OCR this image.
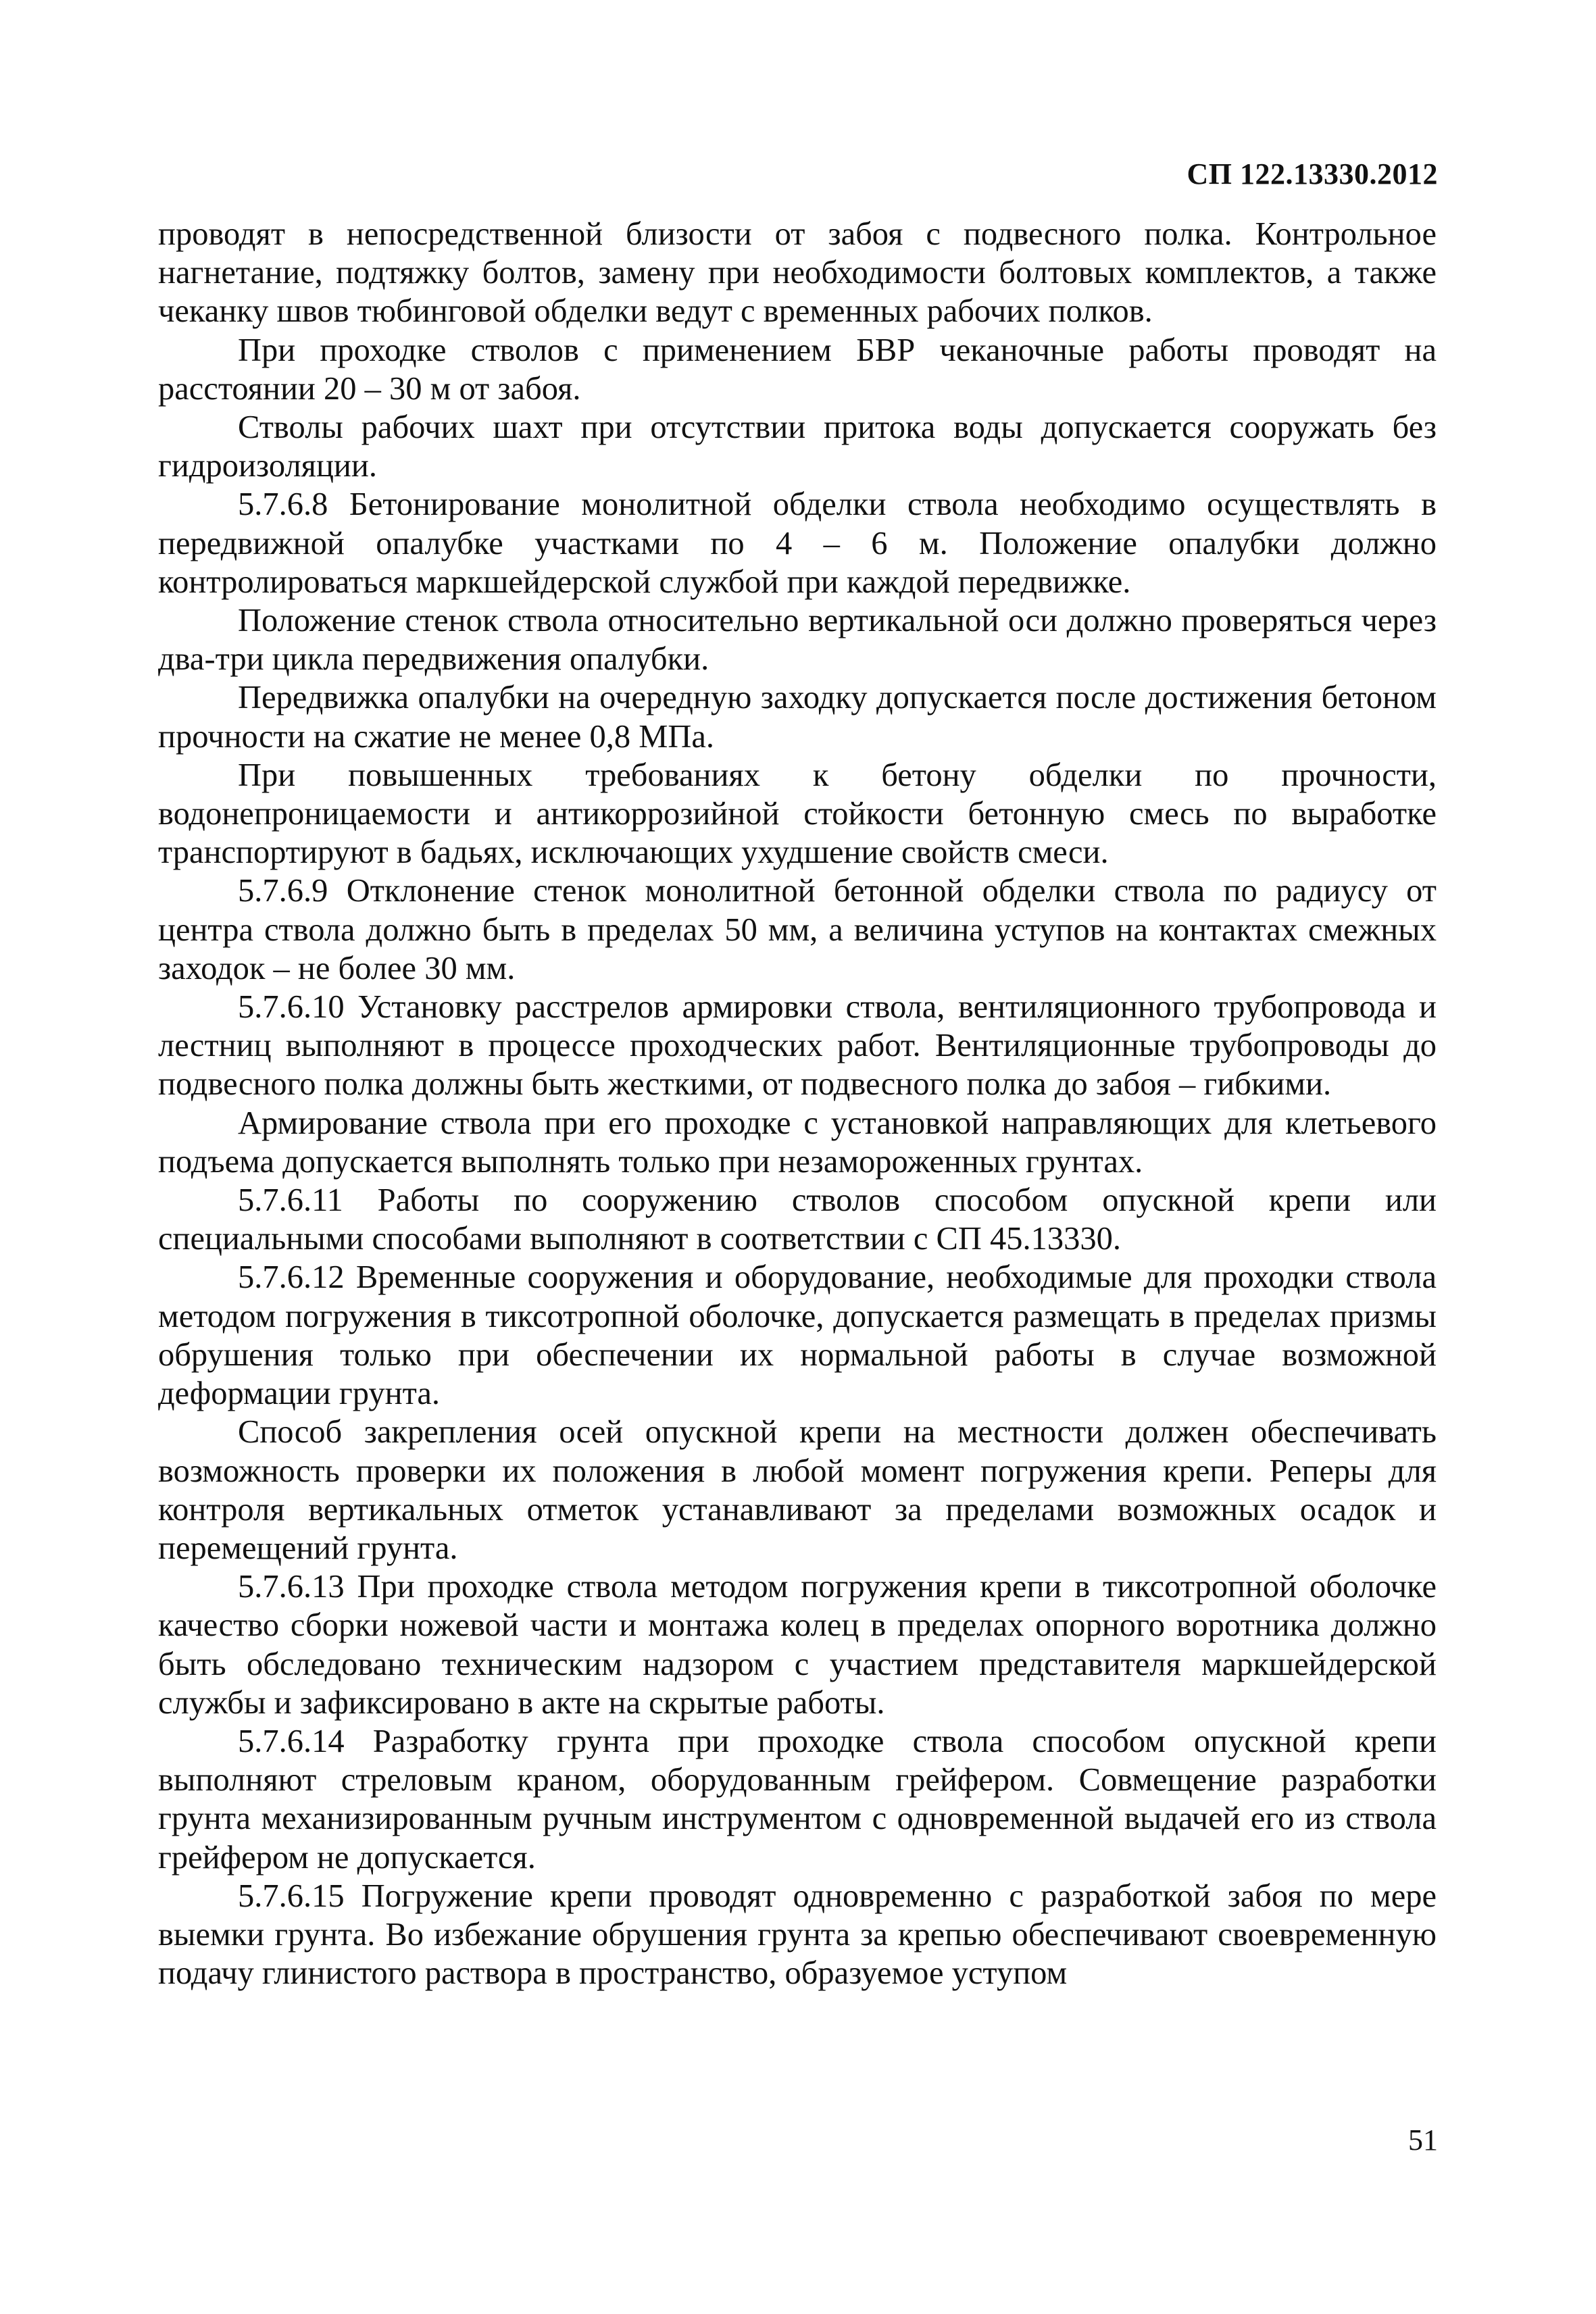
СП 122.13330.2012

проводят в непосредственной близости от забоя с подвесного полка. Контрольное нагнетание, подтяжку болтов, замену при необходимости болтовых комплектов, а также чеканку швов тюбинговой обделки ведут с временных рабочих полков.

При проходке стволов с применением БВР чеканочные работы проводят на расстоянии 20 – 30 м от забоя.

Стволы рабочих шахт при отсутствии притока воды допускается сооружать без гидроизоляции.

5.7.6.8 Бетонирование монолитной обделки ствола необходимо осуществлять в передвижной опалубке участками по 4 – 6 м. Положение опалубки должно контролироваться маркшейдерской службой при каждой передвижке.

Положение стенок ствола относительно вертикальной оси должно проверяться через два-три цикла передвижения опалубки.

Передвижка опалубки на очередную заходку допускается после достижения бетоном прочности на сжатие не менее 0,8 МПа.

При повышенных требованиях к бетону обделки по прочности, водонепроницаемости и антикоррозийной стойкости бетонную смесь по выработке транспортируют в бадьях, исключающих ухудшение свойств смеси.

5.7.6.9 Отклонение стенок монолитной бетонной обделки ствола по радиусу от центра ствола должно быть в пределах 50 мм, а величина уступов на контактах смежных заходок – не более 30 мм.

5.7.6.10 Установку расстрелов армировки ствола, вентиляционного трубопровода и лестниц выполняют в процессе проходческих работ. Вентиляционные трубопроводы до подвесного полка должны быть жесткими, от подвесного полка до забоя – гибкими.

Армирование ствола при его проходке с установкой направляющих для клетьевого подъема допускается выполнять только при незамороженных грунтах.

5.7.6.11 Работы по сооружению стволов способом опускной крепи или специальными способами выполняют в соответствии с СП 45.13330.

5.7.6.12 Временные сооружения и оборудование, необходимые для проходки ствола методом погружения в тиксотропной оболочке, допускается размещать в пределах призмы обрушения только при обеспечении их нормальной работы в случае возможной деформации грунта.

Способ закрепления осей опускной крепи на местности должен обеспечивать возможность проверки их положения в любой момент погружения крепи. Реперы для контроля вертикальных отметок устанавливают за пределами возможных осадок и перемещений грунта.

5.7.6.13 При проходке ствола методом погружения крепи в тиксотропной оболочке качество сборки ножевой части и монтажа колец в пределах опорного воротника должно быть обследовано техническим надзором с участием представителя маркшейдерской службы и зафиксировано в акте на скрытые работы.

5.7.6.14 Разработку грунта при проходке ствола способом опускной крепи выполняют стреловым краном, оборудованным грейфером. Совмещение разработки грунта механизированным ручным инструментом с одновременной выдачей его из ствола грейфером не допускается.

5.7.6.15 Погружение крепи проводят одновременно с разработкой забоя по мере выемки грунта. Во избежание обрушения грунта за крепью обеспечивают своевременную подачу глинистого раствора в пространство, образуемое уступом

51
